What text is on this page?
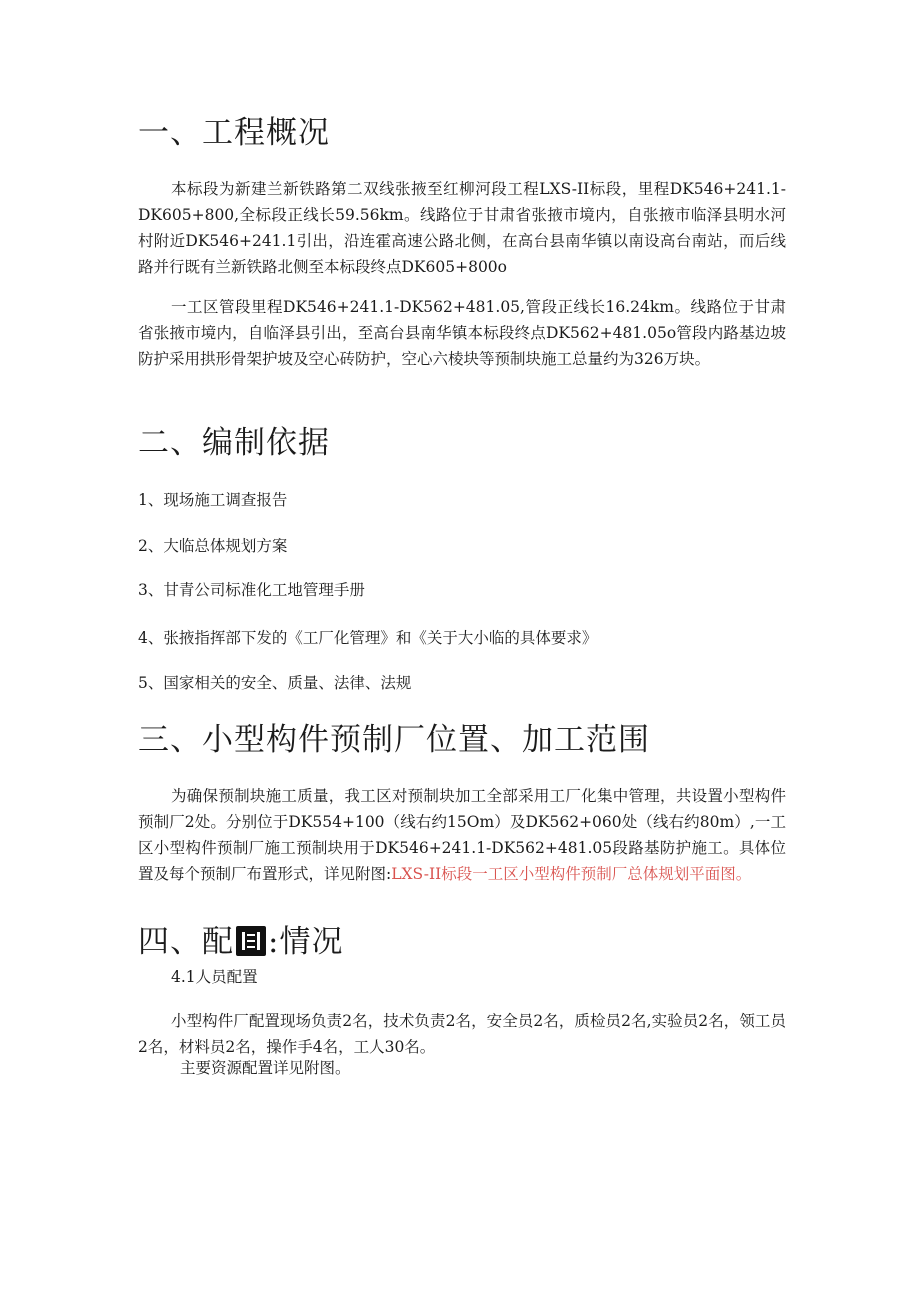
一、工程概况

本标段为新建兰新铁路第二双线张掖至红柳河段工程LXS-II标段，里程DK546+241.1-DK605+800,全标段正线长59.56km。线路位于甘肃省张掖市境内，自张掖市临泽县明水河村附近DK546+241.1引出，沿连霍高速公路北侧，在高台县南华镇以南设高台南站，而后线路并行既有兰新铁路北侧至本标段终点DK605+800o

一工区管段里程DK546+241.1-DK562+481.05,管段正线长16.24km。线路位于甘肃省张掖市境内，自临泽县引出，至高台县南华镇本标段终点DK562+481.05o管段内路基边坡防护采用拱形骨架护坡及空心砖防护，空心六棱块等预制块施工总量约为326万块。

二、编制依据

1、现场施工调查报告

2、大临总体规划方案

3、甘青公司标准化工地管理手册

4、张掖指挥部下发的《工厂化管理》和《关于大小临的具体要求》

5、国家相关的安全、质量、法律、法规

三、小型构件预制厂位置、加工范围

为确保预制块施工质量，我工区对预制块加工全部采用工厂化集中管理，共设置小型构件预制厂2处。分别位于DK554+100（线右约15Om）及DK562+060处（线右约80m）,一工区小型构件预制厂施工预制块用于DK546+241.1-DK562+481.05段路基防护施工。具体位置及每个预制厂布置形式，详见附图:LXS-II标段一工区小型构件预制厂总体规划平面图。

四、配 :情况

4.1人员配置

小型构件厂配置现场负责2名，技术负责2名，安全员2名，质检员2名,实验员2名，领工员2名，材料员2名，操作手4名，工人30名。

主要资源配置详见附图。
